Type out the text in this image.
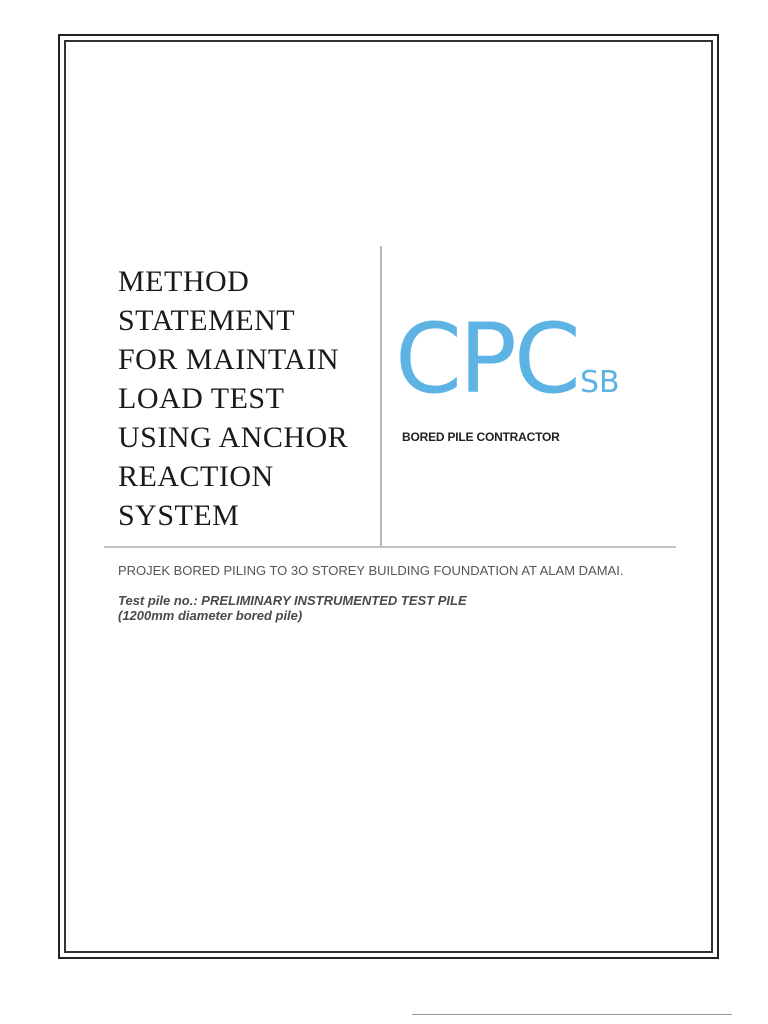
METHOD
STATEMENT
FOR MAINTAIN
LOAD TEST
USING ANCHOR
REACTION
SYSTEM
CPCSB
BORED PILE CONTRACTOR
PROJEK BORED PILING TO 3O STOREY BUILDING FOUNDATION AT ALAM DAMAI.
Test pile no.: PRELIMINARY INSTRUMENTED TEST PILE
(1200mm diameter bored pile)
